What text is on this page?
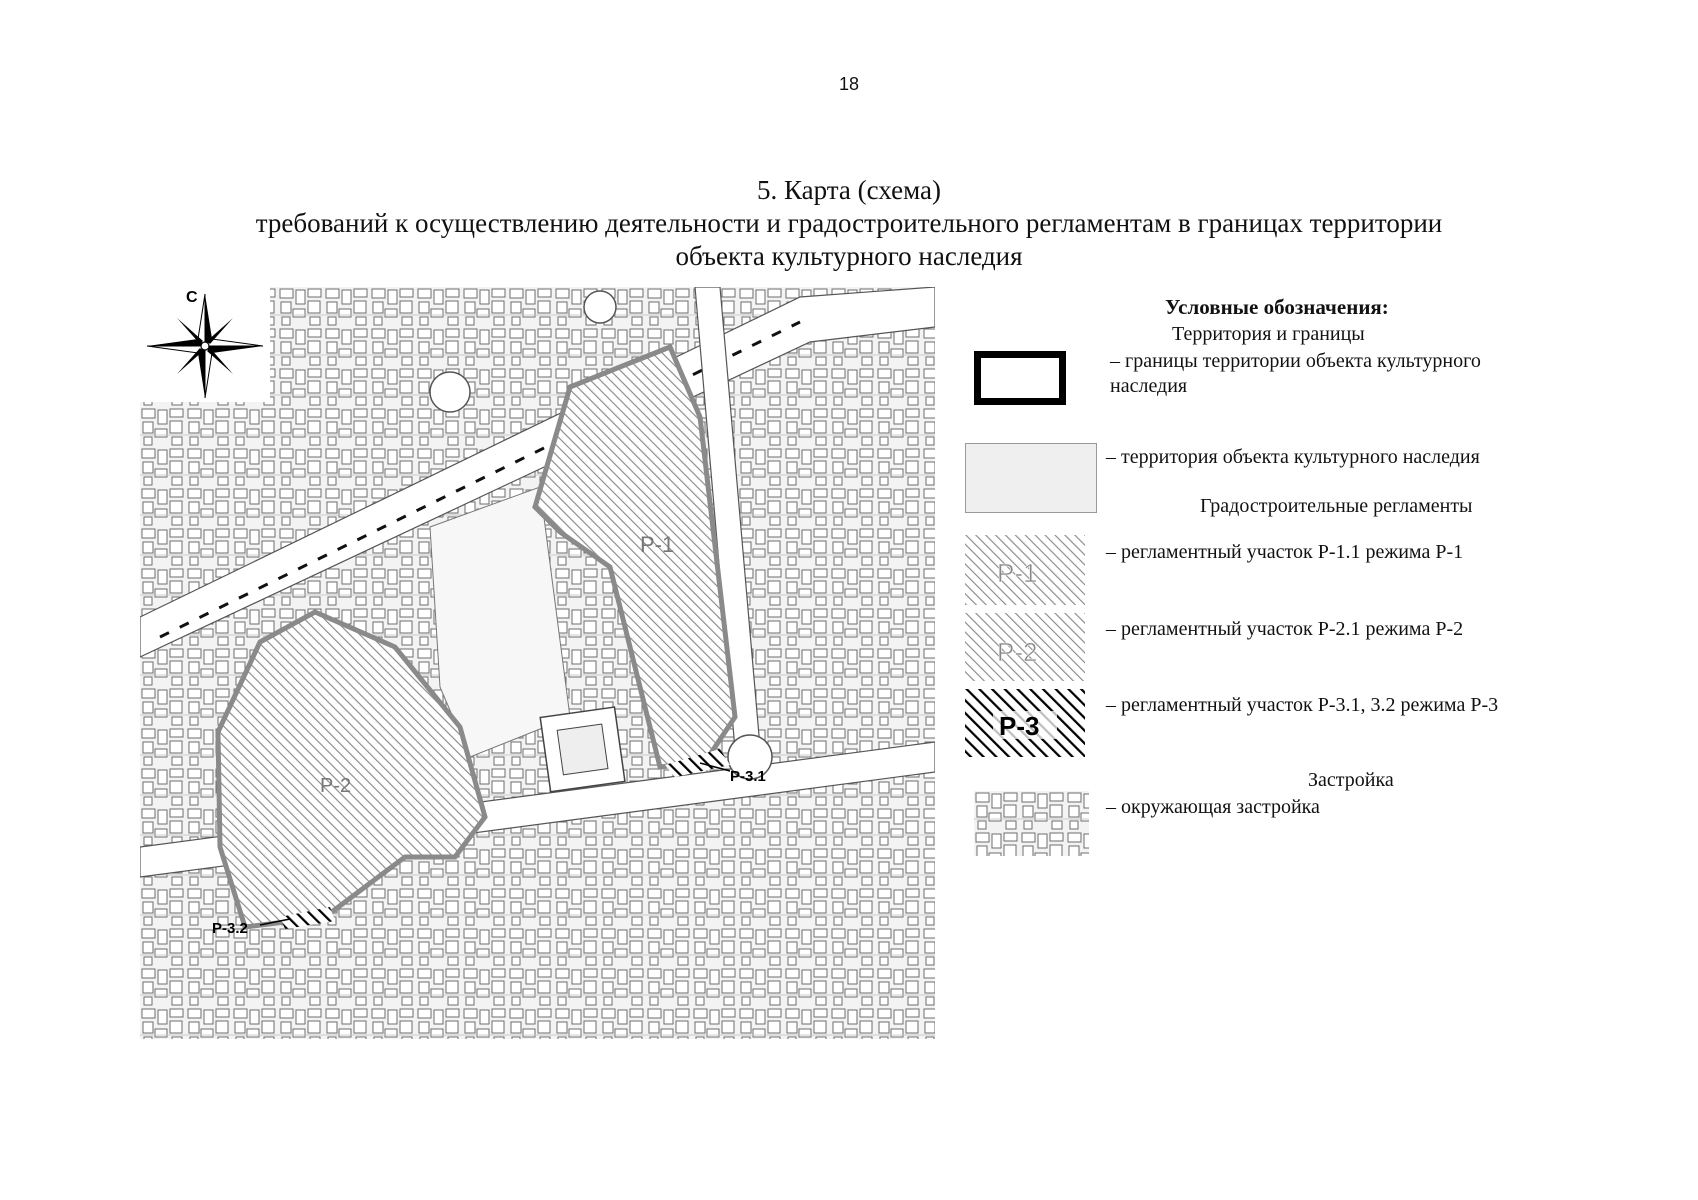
18
5. Карта (схема)
требований к осуществлению деятельности и градостроительного регламентам в границах территории
объекта культурного наследия
Р-1
Р-2	Р-3.1
Р-3.2
С	Условные обозначения:
Территория и границы
– границы территории объекта культурного
наследия
– территория объекта культурного наследия
Градостроительные регламенты
Р-1
– регламентный участок Р-1.1 режима Р-1
Р-2
– регламентный участок Р-2.1 режима Р-2
Р-3
– регламентный участок Р-3.1, 3.2 режима Р-3
Застройка
– окружающая застройка
